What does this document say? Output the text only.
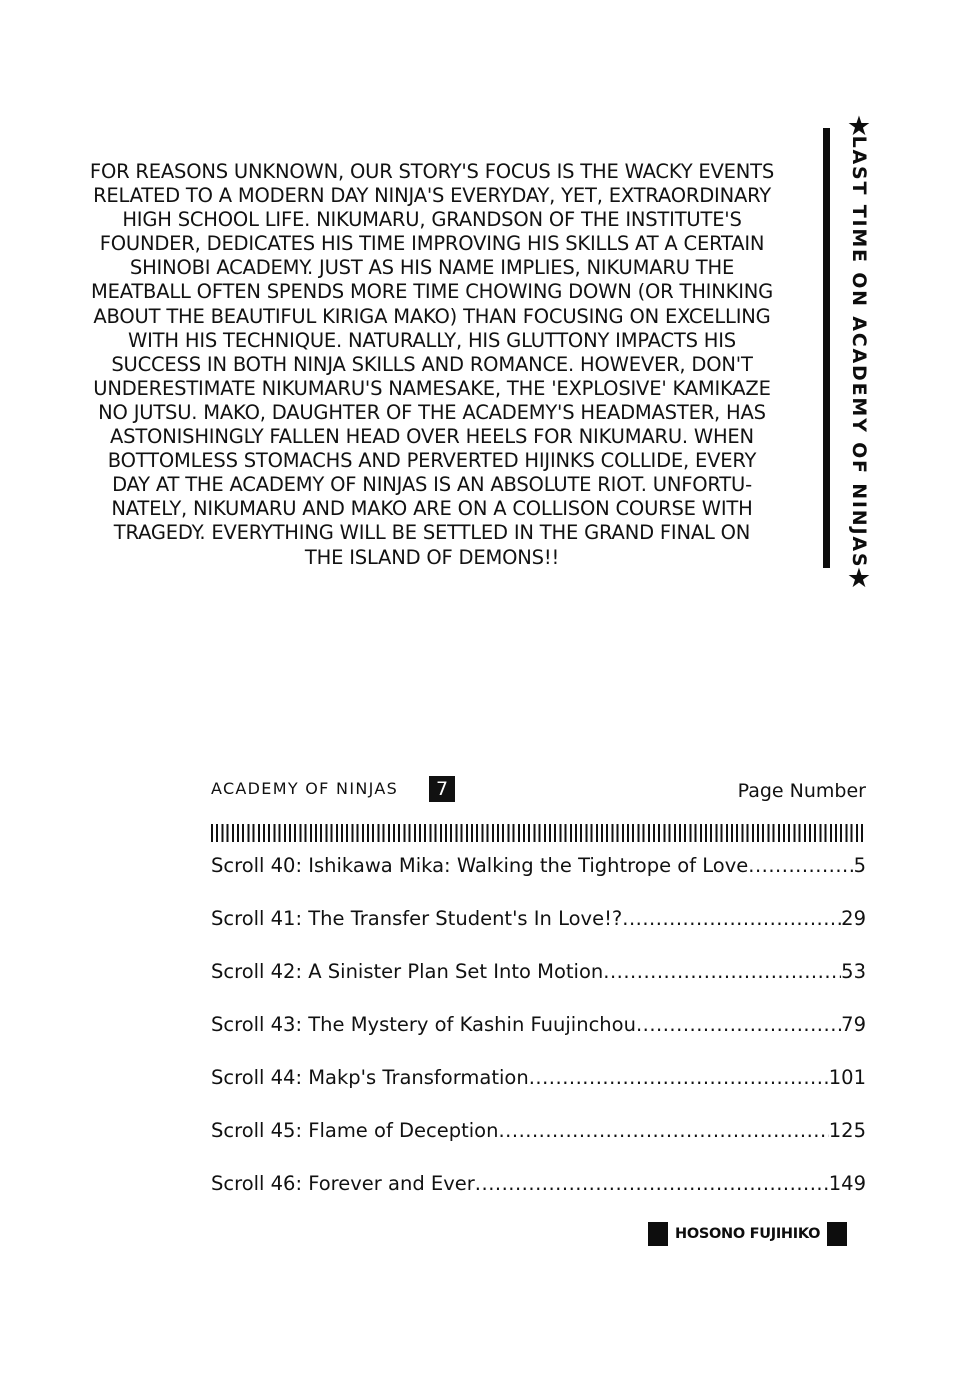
FOR REASONS UNKNOWN, OUR STORY'S FOCUS IS THE WACKY EVENTS
RELATED TO A MODERN DAY NINJA'S EVERYDAY, YET, EXTRAORDINARY
HIGH SCHOOL LIFE. NIKUMARU, GRANDSON OF THE INSTITUTE'S
FOUNDER, DEDICATES HIS TIME IMPROVING HIS SKILLS AT A CERTAIN
SHINOBI ACADEMY. JUST AS HIS NAME IMPLIES, NIKUMARU THE
MEATBALL OFTEN SPENDS MORE TIME CHOWING DOWN (OR THINKING
ABOUT THE BEAUTIFUL KIRIGA MAKO) THAN FOCUSING ON EXCELLING
WITH HIS TECHNIQUE. NATURALLY, HIS GLUTTONY IMPACTS HIS
SUCCESS IN BOTH NINJA SKILLS AND ROMANCE. HOWEVER, DON'T
UNDERESTIMATE NIKUMARU'S NAMESAKE, THE 'EXPLOSIVE' KAMIKAZE
NO JUTSU. MAKO, DAUGHTER OF THE ACADEMY'S HEADMASTER, HAS
ASTONISHINGLY FALLEN HEAD OVER HEELS FOR NIKUMARU. WHEN
BOTTOMLESS STOMACHS AND PERVERTED HIJINKS COLLIDE, EVERY
DAY AT THE ACADEMY OF NINJAS IS AN ABSOLUTE RIOT. UNFORTU-
NATELY, NIKUMARU AND MAKO ARE ON A COLLISON COURSE WITH
TRAGEDY. EVERYTHING WILL BE SETTLED IN THE GRAND FINAL ON
THE ISLAND OF DEMONS!!
★
LAST TIME ON ACADEMY OF NINJAS
★
ACADEMY OF NINJAS	7	Page Number
Scroll 40: Ishikawa Mika: Walking the Tightrope of Love .....	5
Scroll 41: The Transfer Student's In Love!? .....	29
Scroll 42: A Sinister Plan Set Into Motion .....	53
Scroll 43: The Mystery of Kashin Fuujinchou .....	79
Scroll 44: Makp's Transformation .....	101
Scroll 45: Flame of Deception .....	125
Scroll 46: Forever and Ever .....	149
HOSONO FUJIHIKO
